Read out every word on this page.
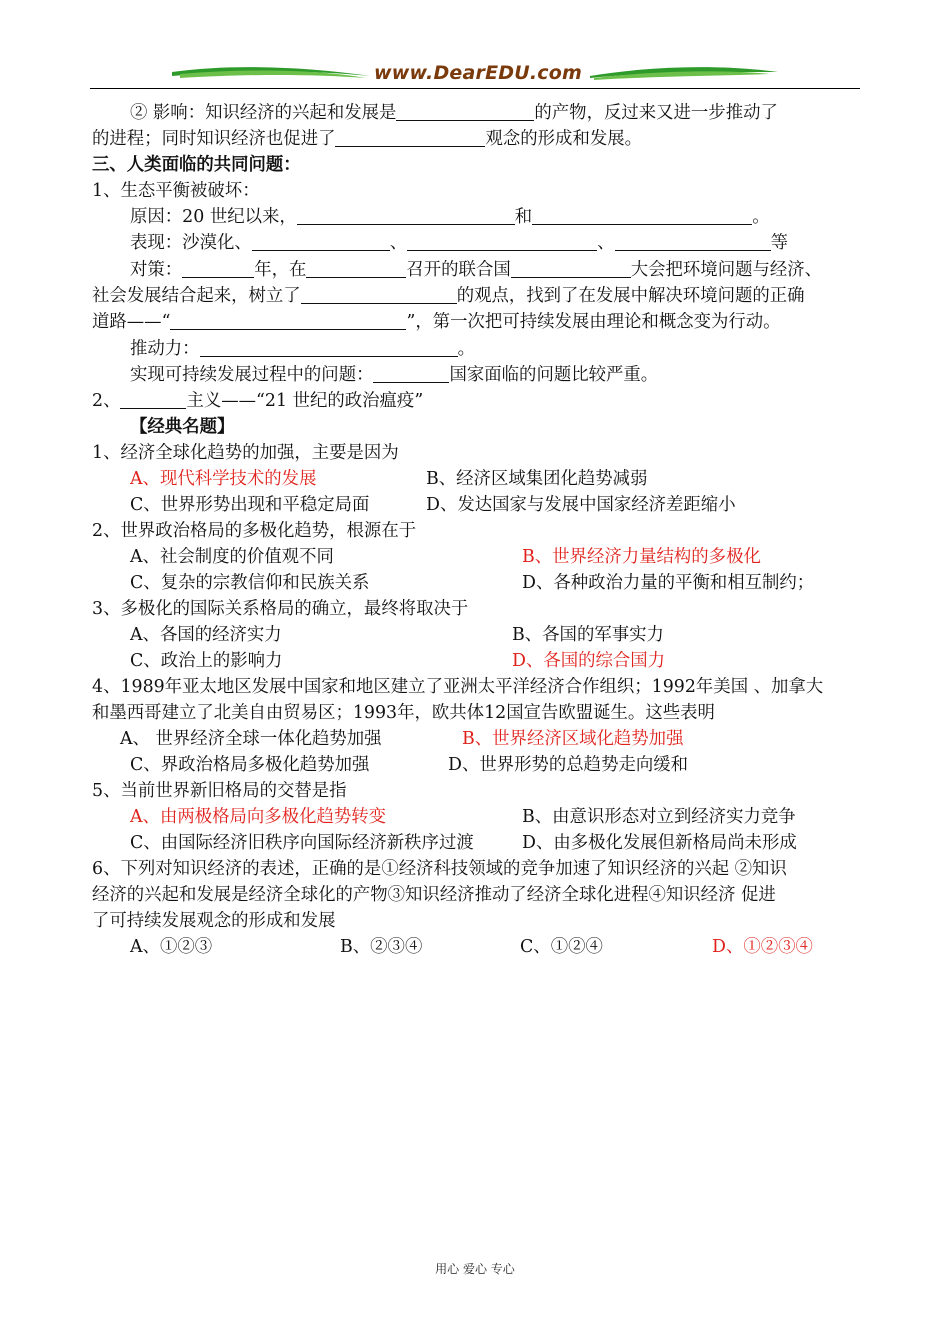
www.DearEDU.com
② 影响：知识经济的兴起和发展是	的产物，反过来又进一步推动了
的进程；同时知识经济也促进了	观念的形成和发展。
三、人类面临的共同问题：
1、生态平衡被破坏：
原因：20 世纪以来，	和	。
表现：沙漠化、	、	、	等
对策：	年，在	召开的联合国	大会把环境问题与经济、
社会发展结合起来，树立了	的观点，找到了在发展中解决环境问题的正确
道路——“	”，第一次把可持续发展由理论和概念变为行动。
推动力：	。
实现可持续发展过程中的问题：	国家面临的问题比较严重。
2、	主义——“21 世纪的政治瘟疫”
【经典名题】
1、经济全球化趋势的加强，主要是因为
A、现代科学技术的发展	B、经济区域集团化趋势减弱
C、世界形势出现和平稳定局面	D、发达国家与发展中国家经济差距缩小
2、世界政治格局的多极化趋势，根源在于
A、社会制度的价值观不同	B、世界经济力量结构的多极化
C、复杂的宗教信仰和民族关系	D、各种政治力量的平衡和相互制约；
3、多极化的国际关系格局的确立，最终将取决于
A、各国的经济实力	B、各国的军事实力
C、政治上的影响力	D、各国的综合国力
4、1989年亚太地区发展中国家和地区建立了亚洲太平洋经济合作组织；1992年美国 、加拿大
和墨西哥建立了北美自由贸易区；1993年，欧共体12国宣告欧盟诞生。这些表明
A、 世界经济全球一体化趋势加强	B、世界经济区域化趋势加强
C、界政治格局多极化趋势加强	D、世界形势的总趋势走向缓和
5、当前世界新旧格局的交替是指
A、由两极格局向多极化趋势转变	B、由意识形态对立到经济实力竞争
C、由国际经济旧秩序向国际经济新秩序过渡	D、由多极化发展但新格局尚未形成
6、下列对知识经济的表述，正确的是①经济科技领域的竞争加速了知识经济的兴起 ②知识
经济的兴起和发展是经济全球化的产物③知识经济推动了经济全球化进程④知识经济 促进
了可持续发展观念的形成和发展
A、①②③	B、②③④	C、①②④	D、①②③④
用心 爱心 专心
